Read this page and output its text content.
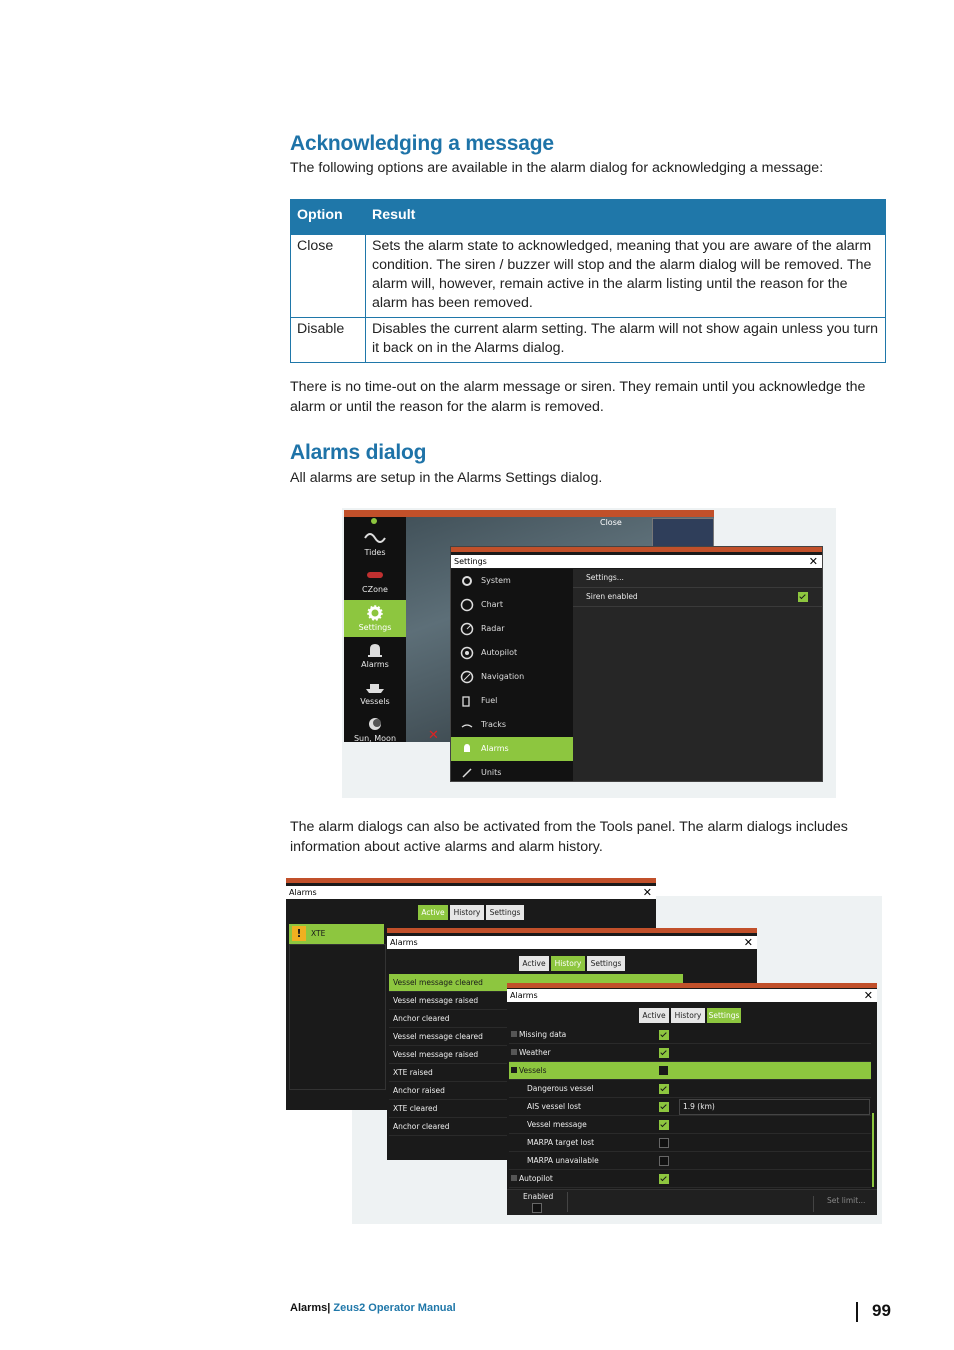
Acknowledging a message

The following options are available in the alarm dialog for acknowledging a message:

Option	Result
Close	Sets the alarm state to acknowledged, meaning that you are aware of the alarm condition. The siren / buzzer will stop and the alarm dialog will be removed. The alarm will, however, remain active in the alarm listing until the reason for the alarm has been removed.
Disable	Disables the current alarm setting. The alarm will not show again unless you turn it back on in the Alarms dialog.

There is no time-out on the alarm message or siren. They remain until you acknowledge the alarm or until the reason for the alarm is removed.

Alarms dialog

All alarms are setup in the Alarms Settings dialog.

Close
Tides
CZone
Settings
Alarms
Vessels
Sun, Moon	✕
Settings	✕
System
Chart
Radar
Autopilot
Navigation
Fuel
Tracks
Alarms
Units
Settings...
Siren enabled

The alarm dialogs can also be activated from the Tools panel. The alarm dialogs includes information about active alarms and alarm history.

Alarms	✕
Active	History	Settings
!	XTE
Alarms	✕
Active	History	Settings
Vessel message cleared
Vessel message raised
Anchor cleared
Vessel message cleared
Vessel message raised
XTE raised
Anchor raised
XTE cleared
Anchor cleared
Alarms	✕
Active	History Settings
Missing data
Weather
Vessels
Dangerous vessel
AIS vessel lost	1.9 (km)
Vessel message
MARPA target lost
MARPA unavailable
Autopilot
Enabled	Set limit...
Alarms| Zeus2 Operator Manual	99
